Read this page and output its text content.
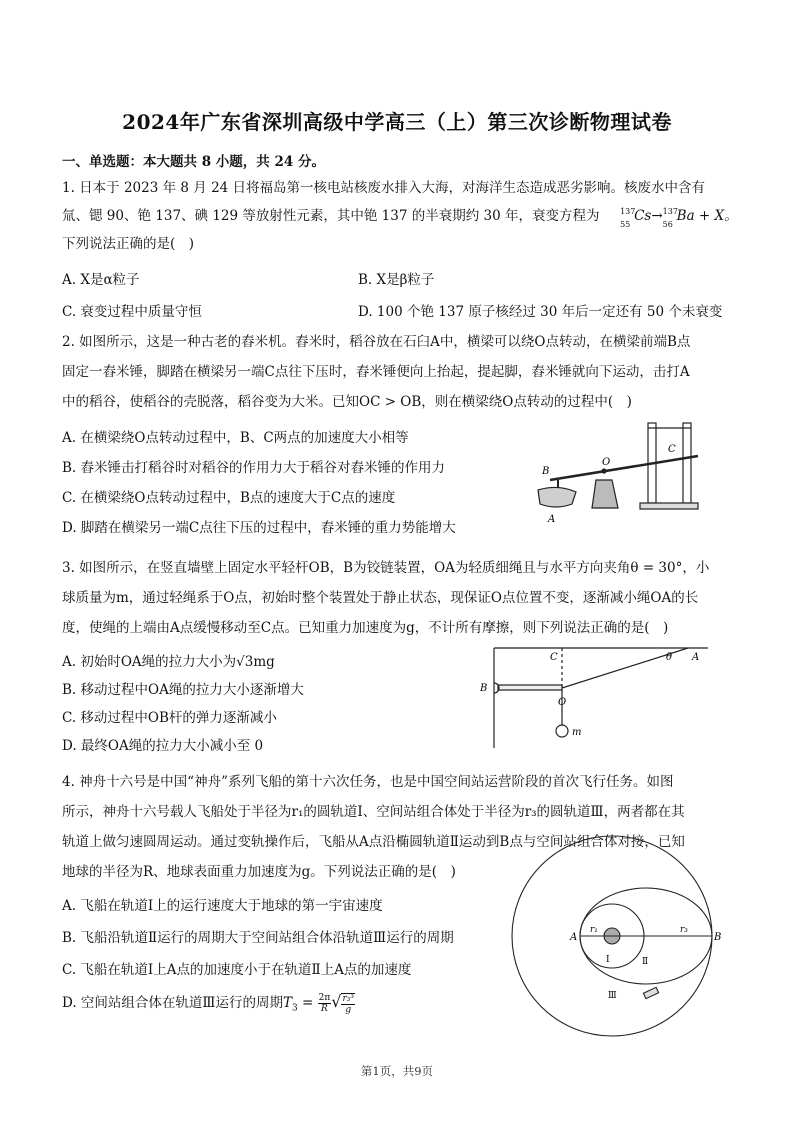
2024年广东省深圳高级中学高三（上）第三次诊断物理试卷
一、单选题：本大题共 8 小题，共 24 分。
1. 日本于 2023 年 8 月 24 日将福岛第一核电站核废水排入大海，对海洋生态造成恶劣影响。核废水中含有
氚、锶 90、铯 137、碘 129 等放射性元素，其中铯 137 的半衰期约 30 年，衰变方程为	137
55
Cs→ 137
56
Ba + X。
下列说法正确的是(　)
A. X是α粒子	B. X是β粒子
C. 衰变过程中质量守恒	D. 100 个铯 137 原子核经过 30 年后一定还有 50 个未衰变
2. 如图所示，这是一种古老的舂米机。舂米时，稻谷放在石臼A中，横梁可以绕O点转动，在横梁前端B点
固定一舂米锤，脚踏在横梁另一端C点往下压时，舂米锤便向上抬起，提起脚，舂米锤就向下运动，击打A
中的稻谷，使稻谷的壳脱落，稻谷变为大米。已知OC > OB，则在横梁绕O点转动的过程中(　)
A. 在横梁绕O点转动过程中，B、C两点的加速度大小相等
B. 舂米锤击打稻谷时对稻谷的作用力大于稻谷对舂米锤的作用力
C. 在横梁绕O点转动过程中，B点的速度大于C点的速度
D. 脚踏在横梁另一端C点往下压的过程中，舂米锤的重力势能增大
B
O
C
A
3. 如图所示，在竖直墙壁上固定水平轻杆OB，B为铰链装置，OA为轻质细绳且与水平方向夹角θ = 30°，小
球质量为m，通过轻绳系于O点，初始时整个装置处于静止状态，现保证O点位置不变，逐渐减小绳OA的长
度，使绳的上端由A点缓慢移动至C点。已知重力加速度为g，不计所有摩擦，则下列说法正确的是(　)
A. 初始时OA绳的拉力大小为√3mg
B. 移动过程中OA绳的拉力大小逐渐增大
C. 移动过程中OB杆的弹力逐渐减小
D. 最终OA绳的拉力大小减小至 0
C	θ A
B
O
m
4. 神舟十六号是中国“神舟”系列飞船的第十六次任务，也是中国空间站运营阶段的首次飞行任务。如图
所示，神舟十六号载人飞船处于半径为r₁的圆轨道Ⅰ、空间站组合体处于半径为r₃的圆轨道Ⅲ，两者都在其
轨道上做匀速圆周运动。通过变轨操作后，飞船从A点沿椭圆轨道Ⅱ运动到B点与空间站组合体对接，已知
地球的半径为R、地球表面重力加速度为g。下列说法正确的是(　)
A. 飞船在轨道Ⅰ上的运行速度大于地球的第一宇宙速度
B. 飞船沿轨道Ⅱ运行的周期大于空间站组合体沿轨道Ⅲ运行的周期
C. 飞船在轨道Ⅰ上A点的加速度小于在轨道Ⅱ上A点的加速度
D. 空间站组合体在轨道Ⅲ运行的周期$T_3 = \frac{2\pi}{R}$ √ $\frac{\text{r₃³}}{g}$
A	B
r₁	r₃
Ⅰ	Ⅱ
Ⅲ
第1页，共9页
